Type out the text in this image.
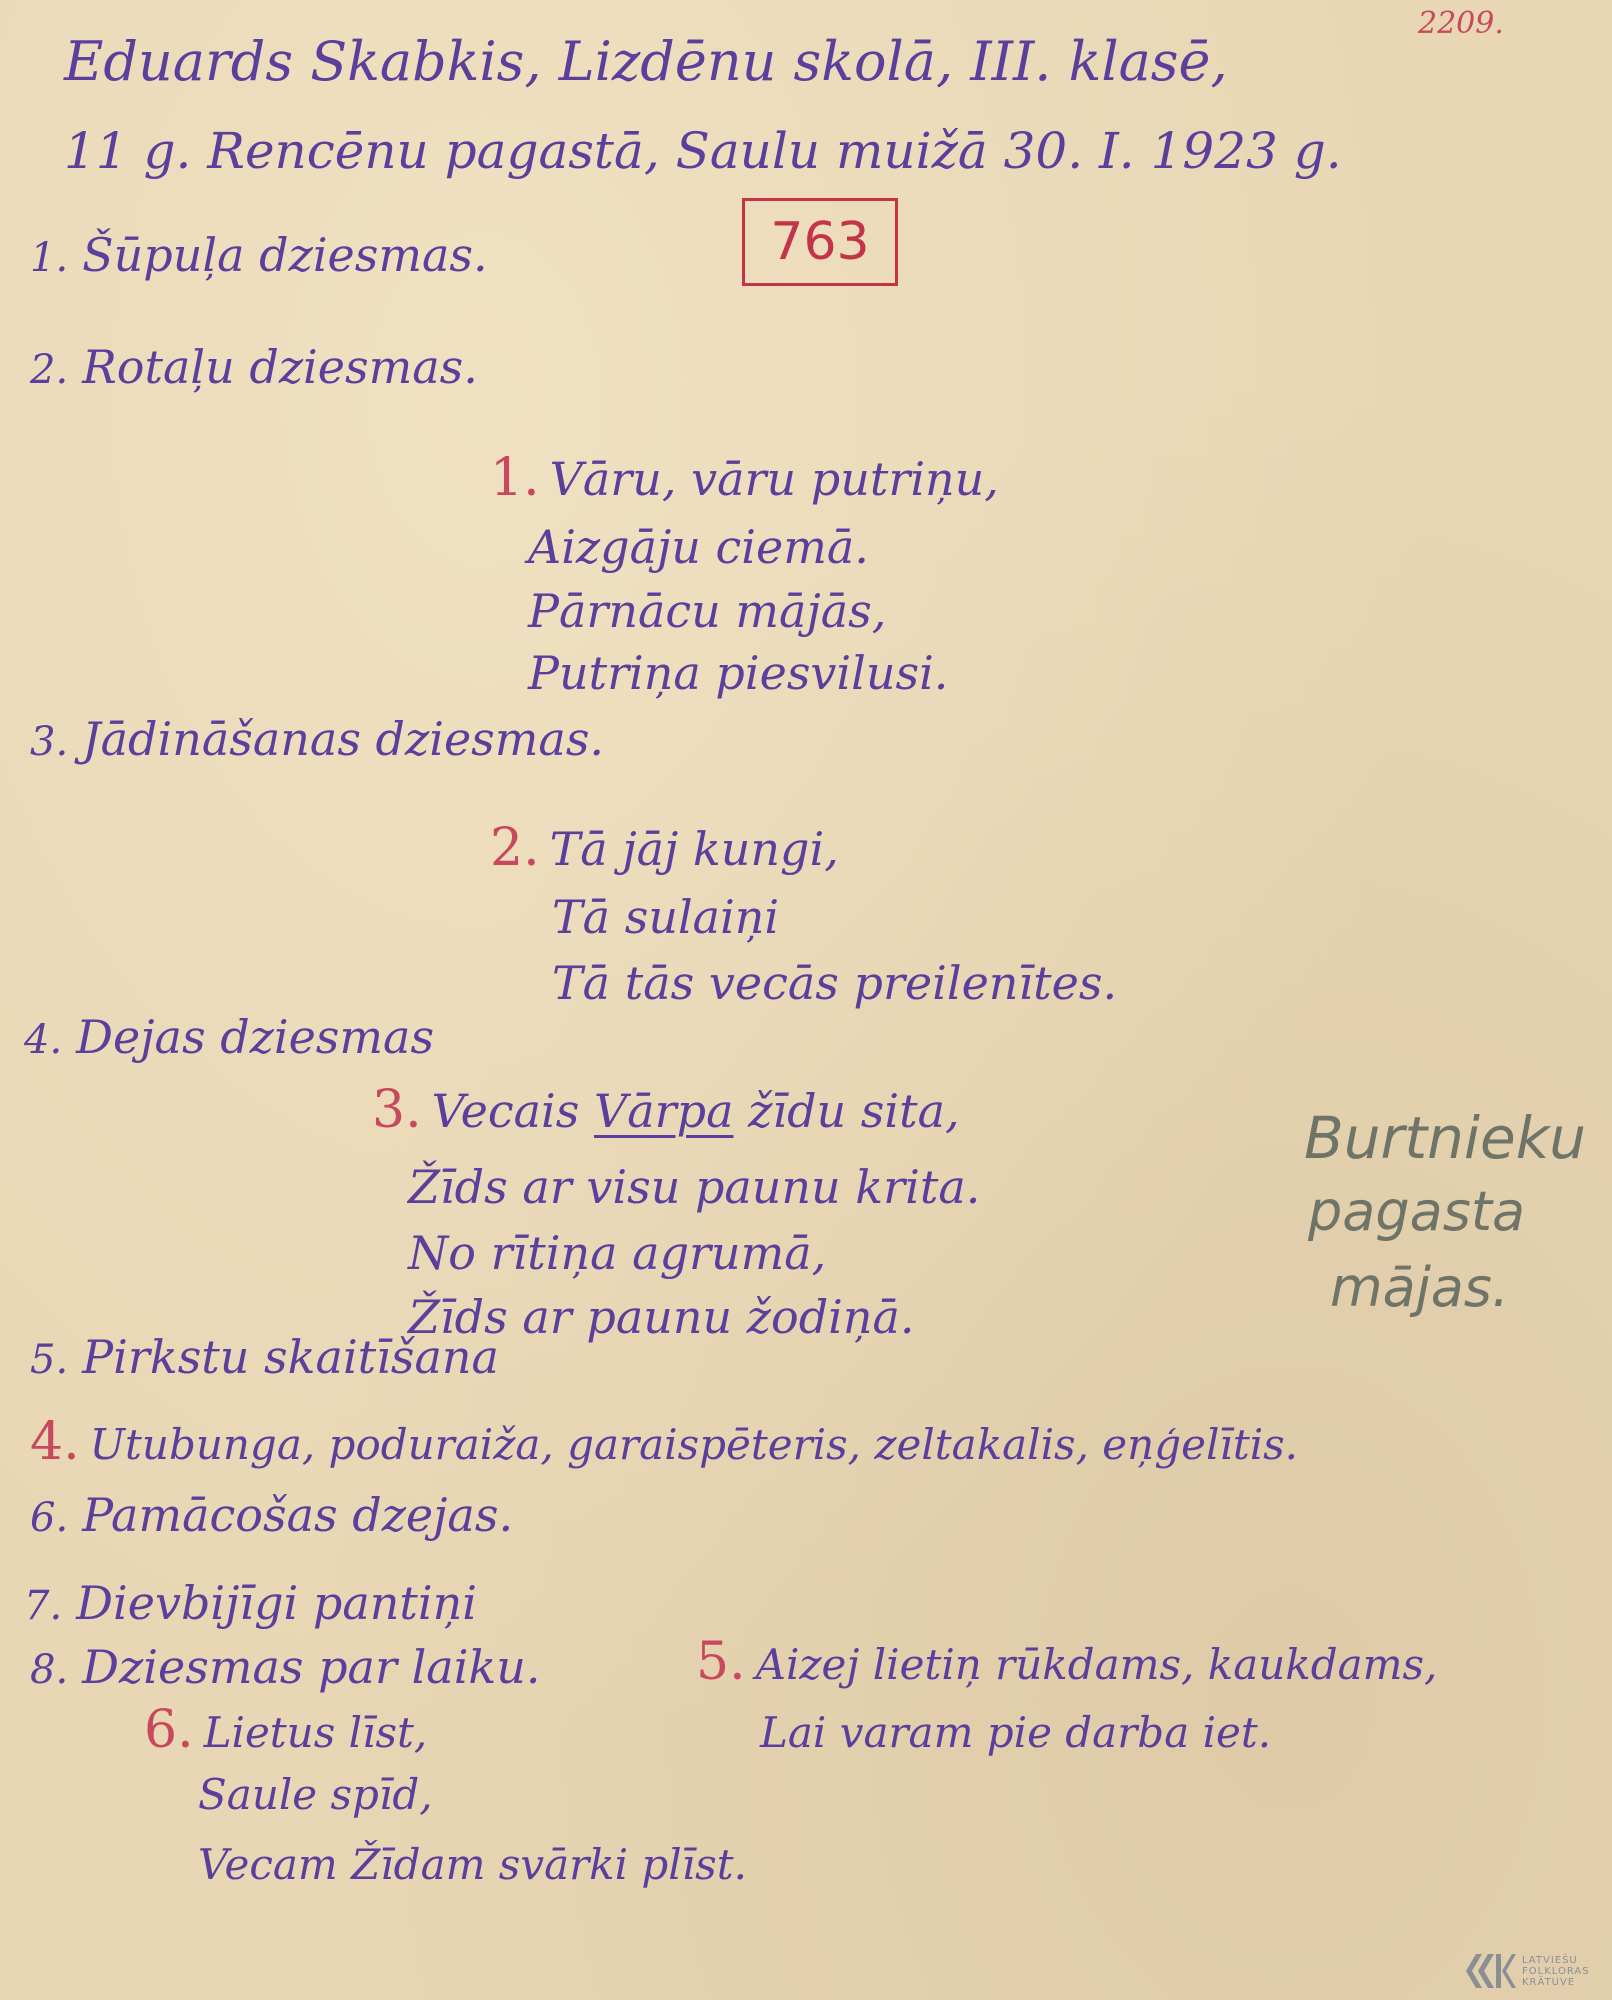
2209.
Eduards Skabkis, Lizdēnu skolā, III. klasē,
11 g. Rencēnu pagastā, Saulu muižā 30. I. 1923 g.
763
1. Šūpuļa dziesmas.
2. Rotaļu dziesmas.
1. Vāru, vāru putriņu,
Aizgāju ciemā.
Pārnācu mājās,
Putriņa piesvilusi.
3. Jādināšanas dziesmas.
2. Tā jāj kungi,
Tā sulaiņi
Tā tās vecās preilenītes.
4. Dejas dziesmas
3. Vecais Vārpa žīdu sita,
Žīds ar visu paunu krita.
No rītiņa agrumā,
Žīds ar paunu žodiņā.
Burtnieku
pagasta
mājas.
5. Pirkstu skaitīšana
4. Utubunga, poduraiža, garaispēteris, zeltakalis, eņģelītis.
6. Pamācošas dzejas.
7. Dievbijīgi pantiņi
8. Dziesmas par laiku.	5. Aizej lietiņ rūkdams, kaukdams,
Lai varam pie darba iet.
6. Lietus līst,
Saule spīd,
Vecam Žīdam svārki plīst.
LATVIEŠU
FOLKLORAS
KRĀTUVE
